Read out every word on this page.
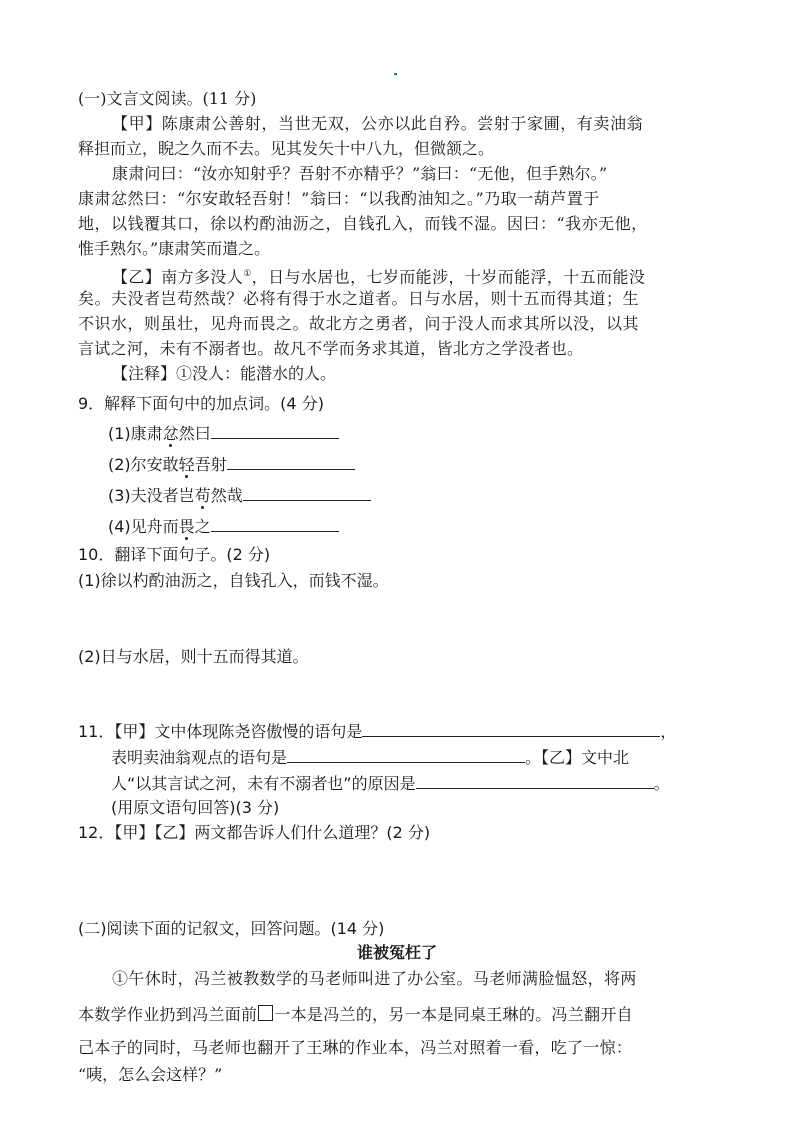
(一)文言文阅读。(11 分)
【甲】陈康肃公善射，当世无双，公亦以此自矜。尝射于家圃，有卖油翁
释担而立，睨之久而不去。见其发矢十中八九，但微颔之。
康肃问曰：“汝亦知射乎？吾射不亦精乎？”翁曰：“无他，但手熟尔。”
康肃忿然曰：“尔安敢轻吾射！”翁曰：“以我酌油知之。”乃取一葫芦置于
地，以钱覆其口，徐以杓酌油沥之，自钱孔入，而钱不湿。因曰：“我亦无他，
惟手熟尔。”康肃笑而遣之。
【乙】南方多没人①，日与水居也，七岁而能涉，十岁而能浮，十五而能没
矣。夫没者岂苟然哉？必将有得于水之道者。日与水居，则十五而得其道；生
不识水，则虽壮，见舟而畏之。故北方之勇者，问于没人而求其所以没，以其
言试之河，未有不溺者也。故凡不学而务求其道，皆北方之学没者也。
【注释】①没人：能潜水的人。
9．解释下面句中的加点词。(4 分)
(1)康肃忿然曰
(2)尔安敢轻吾射
(3)夫没者岂苟然哉
(4)见舟而畏之
10．翻译下面句子。(2 分)
(1)徐以杓酌油沥之，自钱孔入，而钱不湿。
(2)日与水居，则十五而得其道。
11．【甲】文中体现陈尧咨傲慢的语句是	，
表明卖油翁观点的语句是	。【乙】文中北
人“以其言试之河，未有不溺者也”的原因是	。
(用原文语句回答)(3 分)
12．【甲】【乙】两文都告诉人们什么道理？(2 分)
(二)阅读下面的记叙文，回答问题。(14 分)
谁被冤枉了
①午休时，冯兰被教数学的马老师叫进了办公室。马老师满脸愠怒，将两
本数学作业扔到冯兰面前 一本是冯兰的，另一本是同桌王琳的。冯兰翻开自
己本子的同时，马老师也翻开了王琳的作业本，冯兰对照着一看，吃了一惊：
“咦，怎么会这样？”
